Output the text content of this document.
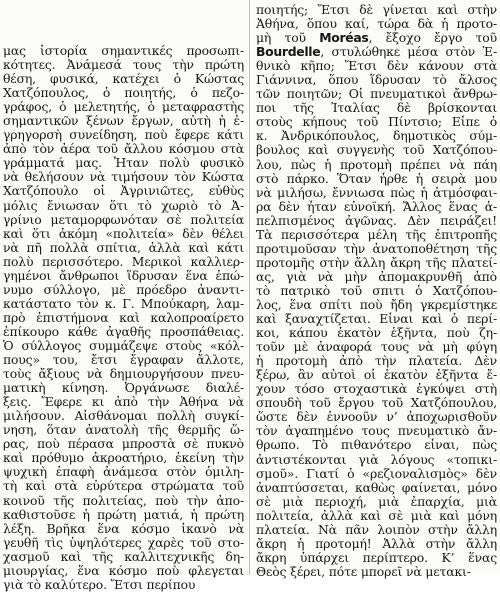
μας ἱστορία σημαντικές προσωπι-

κότητες. Ἀνάμεσά τους τὴν πρώτη

θέση, φυσικά, κατέχει ὁ Κώστας

Χατζόπουλος, ὁ ποιητής, ὁ πεζο-

γράφος, ὁ μελετητής, ὁ μεταφραστὴς

σημαντικῶν ξένων ἔργων, αὐτὴ ἡ ἐ-

γρηγορσὴ συνείδηση, ποὺ ἔφερε κάτι

ἀπὸ τὸν ἀέρα τοῦ ἄλλου κόσμου στὰ

γράμματά μας. Ἦταν πολὺ φυσικὸ

νὰ θελήσουν νὰ τιμήσουν τὸν Κώστα

Χατζόπουλο οἱ Ἀγρινιῶτες, εὐθὺς

μόλις ἔνιωσαν ὅτι τὸ χωριὸ τὸ Ἀ-

γρίνιο μεταμορφωνόταν σὲ πολιτεία

καὶ ὅτι ἀκόμη «πολιτεία» δὲν θέλει

νὰ πῆ πολλὰ σπίτια, ἀλλὰ καὶ κάτι

πολὺ περισσότερο. Μερικοὶ καλλιερ-

γημένοι ἄνθρωποι ἵδρυσαν ἕνα ἐπώ-

νυμο σύλλογο, μὲ πρόεδρο ἀναντι-

κατάστατο τὸν κ. Γ. Μπούκαρη, λαμ-

πρὸ ἐπιστήμονα καὶ καλοπροαίρετο

ἐπίκουρο κάθε ἀγαθῆς προσπάθειας.

Ὁ σύλλογος συμμάζεψε στοὺς «κόλ-

πους» του, ἔτσι ἔγραφαν ἄλλοτε,

τοὺς ἄξιους νὰ δημιουργήσουν πνευ-

ματικὴ κίνηση. Ὀργάνωσε διαλέ-

ξεις. Ἔφερε κι ἀπὸ τὴν Ἀθήνα νὰ

μιλήσουν. Αἰσθάνομαι πολλὴ συγκί-

νηση, ὅταν ἀνατολὴ τῆς θερμῆς ὥ-

ρας, ποὺ πέρασα μπροστὰ σὲ πυκνὸ

καὶ πρόθυμο ἀκροατήριο, ἐκείνη τὴν

ψυχικὴ ἐπαφὴ ἀνάμεσα στὸν ὁμιλη-

τὴ καὶ στὰ εὐρύτερα στρώματα τοῦ

κοινοῦ τῆς πολιτείας, ποὺ τὴν ἀπο-

καθιστοῦσε ἡ πρώτη ματιά, ἡ πρώτη

λέξη. Βρῆκα ἕνα κόσμο ἱκανὸ νὰ

γευθῆ τὶς ὑψηλότερες χαρὲς τοῦ στο-

χασμοῦ καὶ τῆς καλλιτεχνικῆς δη-

μιουργίας, ἕνα κόσμο ποὺ φλεγεται

γιὰ τὸ καλύτερο. Ἔτσι περίπου

ποιητής; Ἔτσι δὲ γίνεται καὶ στὴν

Ἀθήνα, ὅπου καί, τώρα δὰ ἡ προτο-

μὴ τοῦ Moréas, ἔξοχο ἔργο τοῦ

Bourdelle, στυλώθηκε μέσα στὸν Ἐ-

θνικὸ κῆπο; Ἔτσι δὲν κάνουν στὰ

Γιάννινα, ὅπου ἵδρυσαν τὸ ἄλσος

τῶν ποιητῶν; Οἱ πνευματικοὶ ἄνθρω-

ποι τῆς Ἰταλίας δὲ βρίσκονται

στοὺς κήπους τοῦ Πίντσιο; Εἶπε ὁ

κ. Ἀνδρικόπουλος, δημοτικὸς σύμ-

βουλος καὶ συγγενὴς τοῦ Χατζόπου-

λου, πὼς ἡ προτομὴ πρέπει νὰ πάη

στὸ πάρκο. Ὅταν ἦρθε ἡ σειρὰ μου

νὰ μιλήσω, ἔννιωσα πὼς ἡ ἀτμόσφαι-

ρα δὲν ἦταν εὐνοϊκή. Ἄλλος ἕνας ἀ-

πελπισμένος ἀγῶνας. Δὲν πειράζει!

Τὰ περισσότερα μέλη τῆς ἐπιτροπῆς

προτιμοῦσαν τὴν ἀνατοποθέτηση τῆς

προτομῆς στὴν ἄλλη ἄκρη τῆς πλατεί-

ας, γιὰ νὰ μὴν ἀπομακρυνθῆ ἀπὸ

τὸ πατρικὸ τοῦ σπιτι ὁ Χατζόπου-

λος, ἕνα σπίτι ποὺ ἤδη γκρεμίστηκε

καὶ ξαναχτίζεται. Εἶναι καὶ ὁ περί-

κοι, κάπου ἑκατὸν ἑξῆντα, ποὺ ζη-

τοῦν μὲ ἀναφορά τους νὰ μὴ φύγη

ἡ προτομὴ ἀπὸ τὴν πλατεία. Δὲν

ξέρω, ἂν αὐτοὶ οἱ ἑκατὸν ἑξῆντα ἔ-

χουν τόσο στοχαστικὰ ἐγκύψει στὴ

σπουδὴ τοῦ ἔργου τοῦ Χατζόπουλου,

ὥστε δὲν ἐννοοῦν ν’ ἀποχωρισθοῦν

τὸν ἀγαπημένο τους πνευματικὸ ἄν-

θρωπο. Τὸ πιθανότερο εἶναι, πὼς

ἀντιστέκονται γιὰ λόγους «τοπικι-

σμοῦ». Γιατί ὁ «ρεζιοναλισμὸς» δὲν

ἀναπτύσσεται, καθὼς φαίνεται, μόνο

σὲ μιὰ περιοχή, μιὰ ἐπαρχία, μιὰ

πολιτεία, ἀλλὰ καὶ σὲ μιὰ καὶ μόνη

πλατεία. Νὰ πᾶν λοιπὸν στὴν ἄλλη

ἄκρη ἡ προτομή! Ἀλλὰ στὴν ἄλλη

ἄκρη ὑπάρχει περίπτερο. Κ’ ἕνας

Θεὸς ξέρει, πότε μπορεῖ νὰ μετακι-
